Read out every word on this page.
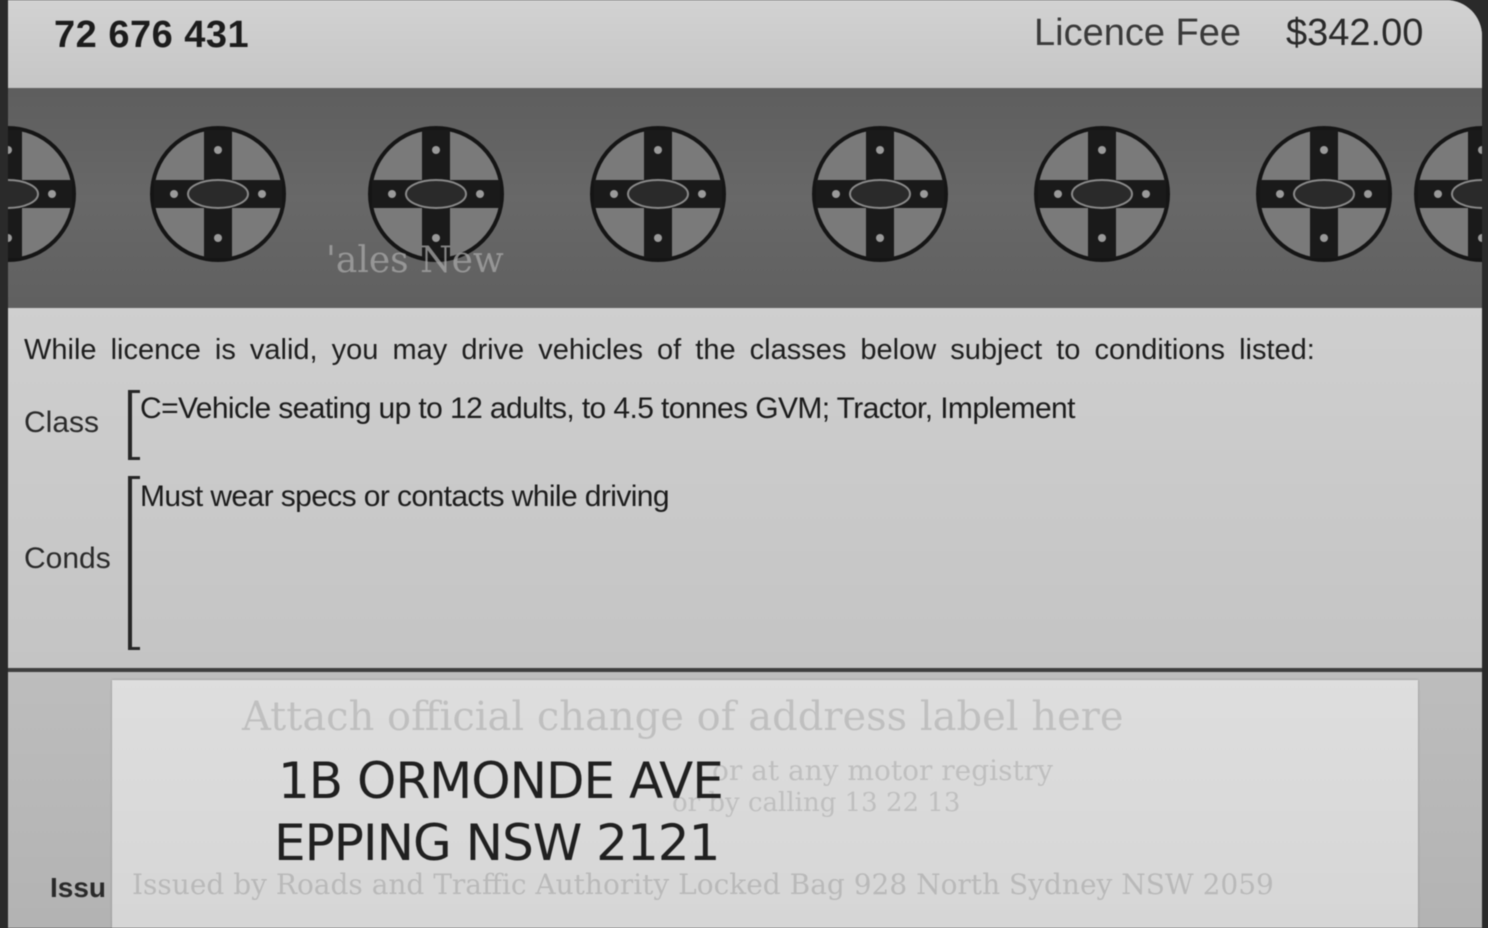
72 676 431	Licence Fee $342.00
'ales New
While licence is valid, you may drive vehicles of the classes below subject to conditions listed:
Class C=Vehicle seating up to 12 adults, to 4.5 tonnes GVM; Tractor, Implement
Conds
Must wear specs or contacts while driving
Issu
Attach official change of address label here
or at any motor registry
or by calling 13 22 13
Issued by Roads and Traffic Authority Locked Bag 928 North Sydney NSW 2059
1B ORMONDE AVE
EPPING NSW 2121
